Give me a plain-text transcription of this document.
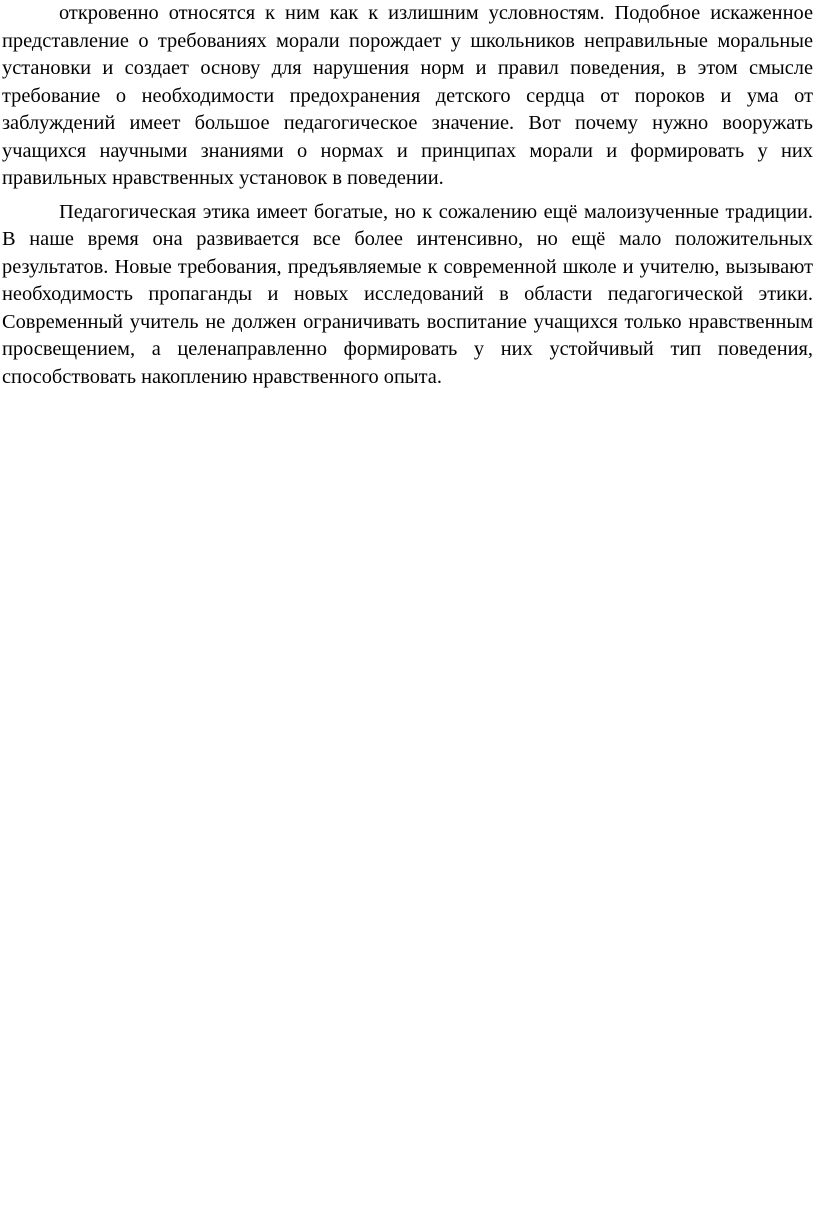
откровенно относятся к ним как к излишним условностям. Подобное искаженное представление о требованиях морали порождает у школьников неправильные моральные установки и создает основу для нарушения норм и правил поведения, в этом смысле требование о необходимости предохранения детского сердца от пороков и ума от заблуждений имеет большое педагогическое значение. Вот почему нужно вооружать учащихся научными знаниями о нормах и принципах морали и формировать у них правильных нравственных установок в поведении.

Педагогическая этика имеет богатые, но к сожалению ещё малоизученные традиции. В наше время она развивается все более интенсивно, но ещё мало положительных результатов. Новые требования, предъявляемые к современной школе и учителю, вызывают необходимость пропаганды и новых исследований в области педагогической этики. Современный учитель не должен ограничивать воспитание учащихся только нравственным просвещением, а целенаправленно формировать у них устойчивый тип поведения, способствовать накоплению нравственного опыта.
